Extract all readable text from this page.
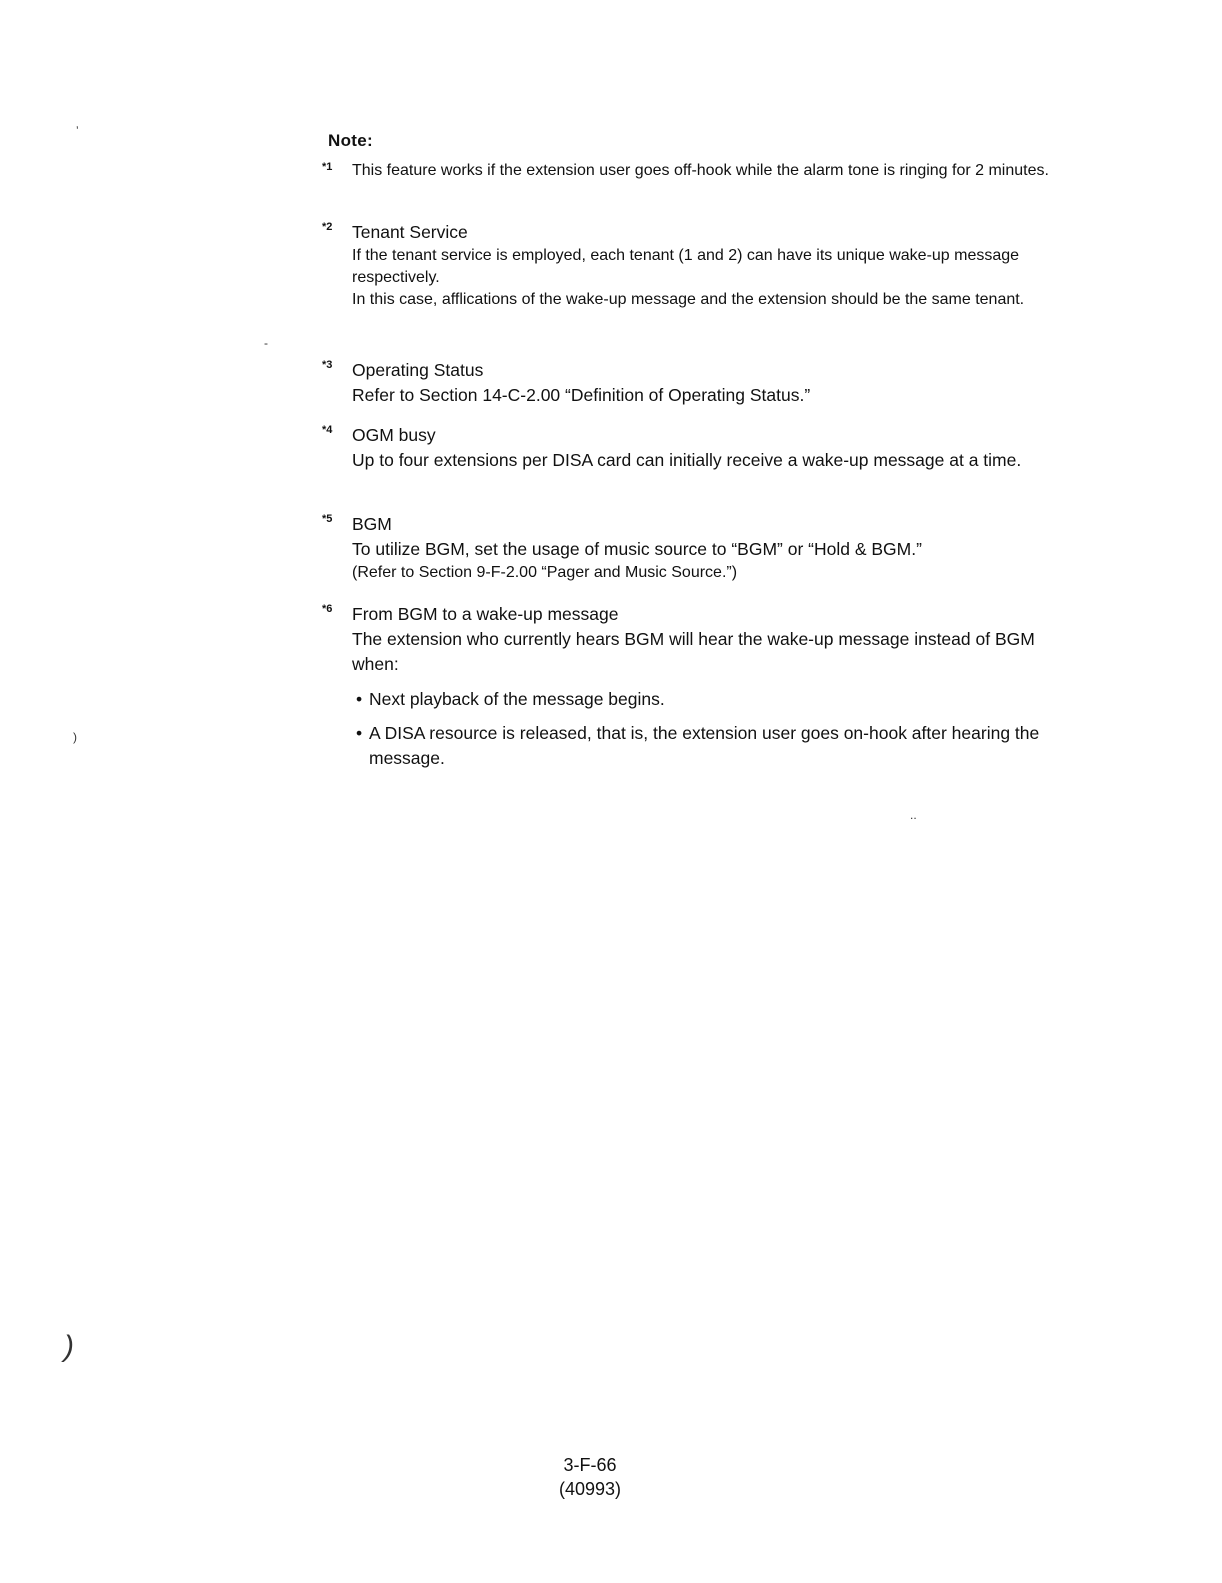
Note:
*1 This feature works if the extension user goes off-hook while the alarm tone is ringing for 2 minutes.

*2 Tenant Service

If the tenant service is employed, each tenant (1 and 2) can have its unique wake-up message respectively.

In this case, afflications of the wake-up message and the extension should be the same tenant.

*3 Operating Status

Refer to Section 14-C-2.00 “Definition of Operating Status.”

*4 OGM busy

Up to four extensions per DISA card can initially receive a wake-up message at a time.

*5 BGM

To utilize BGM, set the usage of music source to “BGM” or “Hold & BGM.”

(Refer to Section 9-F-2.00 “Pager and Music Source.”)

*6 From BGM to a wake-up message

The extension who currently hears BGM will hear the wake-up message instead of BGM when:

• Next playback of the message begins.
• A DISA resource is released, that is, the extension user goes on-hook after hearing the message.
3-F-66
(40993)
ʼ
-
)
)
..
